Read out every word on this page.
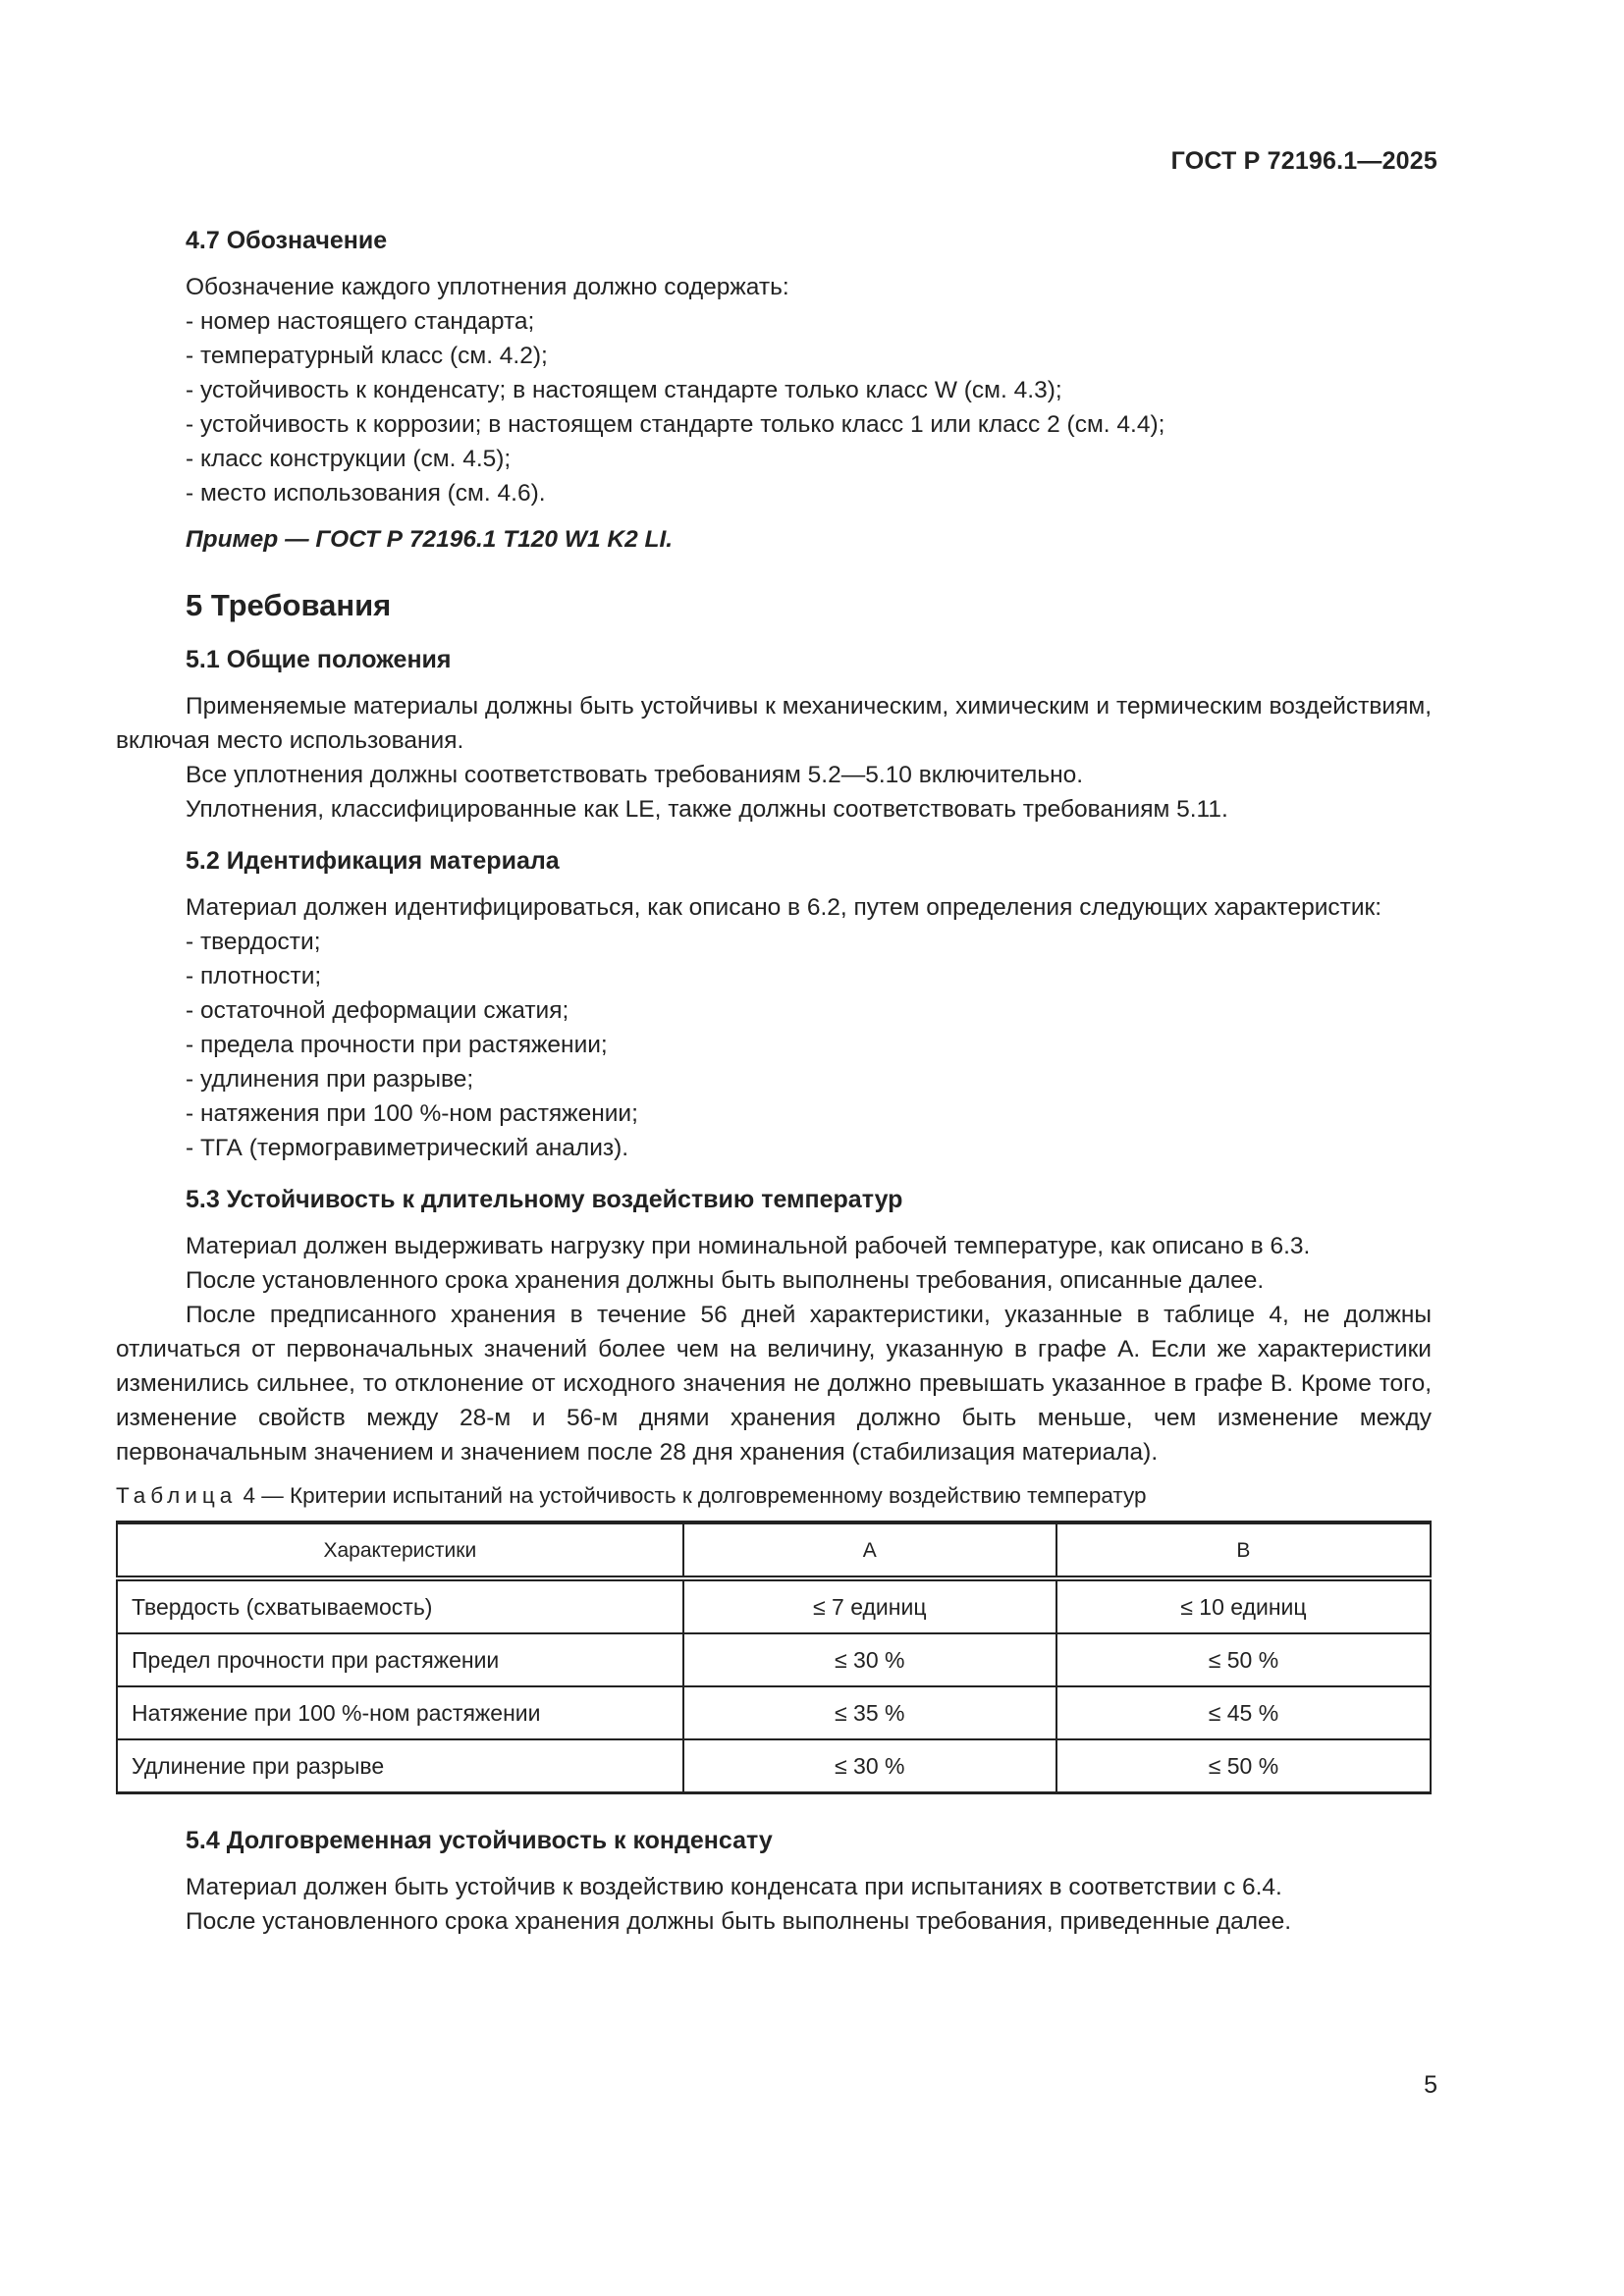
ГОСТ Р 72196.1—2025
4.7 Обозначение

Обозначение каждого уплотнения должно содержать:

- номер настоящего стандарта;

- температурный класс (см. 4.2);

- устойчивость к конденсату; в настоящем стандарте только класс W (см. 4.3);

- устойчивость к коррозии; в настоящем стандарте только класс 1 или класс 2 (см. 4.4);

- класс конструкции (см. 4.5);

- место использования (см. 4.6).

Пример — ГОСТ Р 72196.1 T120 W1 K2 LI.

5 Требования
5.1 Общие положения

Применяемые материалы должны быть устойчивы к механическим, химическим и термическим воздействиям, включая место использования.

Все уплотнения должны соответствовать требованиям 5.2—5.10 включительно.

Уплотнения, классифицированные как LE, также должны соответствовать требованиям 5.11.

5.2 Идентификация материала

Материал должен идентифицироваться, как описано в 6.2, путем определения следующих характеристик:

- твердости;

- плотности;

- остаточной деформации сжатия;

- предела прочности при растяжении;

- удлинения при разрыве;

- натяжения при 100 %-ном растяжении;

- ТГА (термогравиметрический анализ).

5.3 Устойчивость к длительному воздействию температур

Материал должен выдерживать нагрузку при номинальной рабочей температуре, как описано в 6.3.

После установленного срока хранения должны быть выполнены требования, описанные далее.

После предписанного хранения в течение 56 дней характеристики, указанные в таблице 4, не должны отличаться от первоначальных значений более чем на величину, указанную в графе А. Если же характеристики изменились сильнее, то отклонение от исходного значения не должно превышать указанное в графе В. Кроме того, изменение свойств между 28-м и 56-м днями хранения должно быть меньше, чем изменение между первоначальным значением и значением после 28 дня хранения (стабилизация материала).

Таблица 4 — Критерии испытаний на устойчивость к долговременному воздействию температур
Характеристики	A	B
Твердость (схватываемость)	≤ 7 единиц	≤ 10 единиц
Предел прочности при растяжении	≤ 30 %	≤ 50 %
Натяжение при 100 %-ном растяжении	≤ 35 %	≤ 45 %
Удлинение при разрыве	≤ 30 %	≤ 50 %
5.4 Долговременная устойчивость к конденсату

Материал должен быть устойчив к воздействию конденсата при испытаниях в соответствии с 6.4.

После установленного срока хранения должны быть выполнены требования, приведенные далее.

5
